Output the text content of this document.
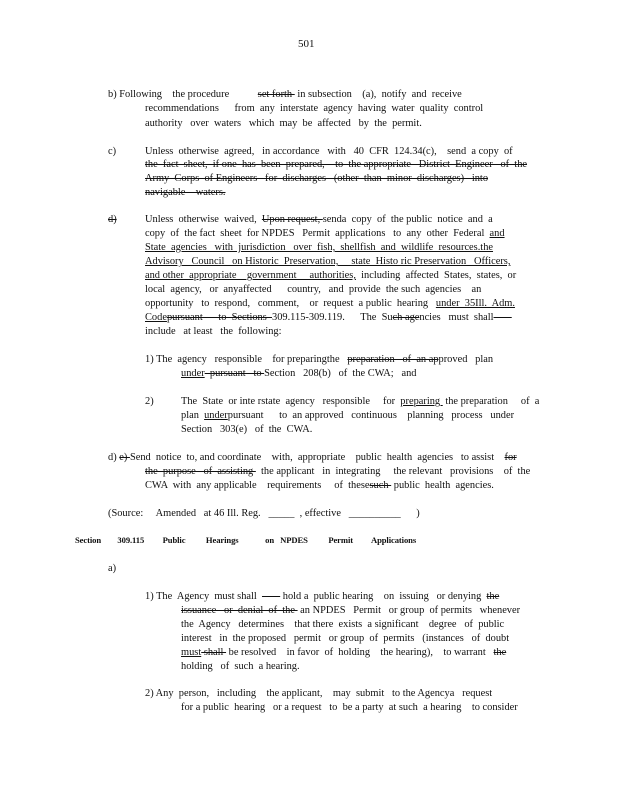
501
b) Following    the procedure	set forth  in subsection    (a),  notify  and  receive
recommendations      from  any  interstate  agency  having  water  quality  control
authority   over  waters   which  may  be  affected   by  the  permit.
c)	Unless  otherwise  agreed,   in accordance   with   40  CFR  124.34(c),    send  a copy  of
the  fact  sheet,  if one  has  been  prepared,    to  the appropriate   District  Engineer   of  the
Army  Corps  of Engineers   for  discharges   (other  than  minor  discharges)   into
navigable    waters.
d)	Unless  otherwise  waived,  Upon request, senda  copy  of  the public  notice  and  a
copy  of  the fact  sheet  for NPDES   Permit  applications   to  any  other  Federal  and
State  agencies   with  jurisdiction   over  fish,  shellfish  and  wildlife  resources.the
Advisory   Council   on Historic  Preservation,     state  Histo ric Preservation   Officers,
and other  appropriate    government     authorities,  including  affected  States,  states,  or
local  agency,   or  anyaffected      country,   and  provide  the such  agencies    an
opportunity   to  respond,   comment,    or  request  a public  hearing   under  35Ill.  Adm.
Codepursuant      to  Sections  309.115-309.119.      The  Such agencies   must  shall
include   at least   the  following:
1) The  agency   responsible    for preparingthe   preparation   of  an approved   plan
under  pursuant   to Section   208(b)   of  the CWA;   and
2)	The  State  or inte rstate  agency   responsible     for  preparing  the preparation     of  a
plan  underpursuant      to  an approved   continuous    planning   process   under
Section   303(e)   of  the  CWA.
d) e) Send  notice  to, and coordinate    with,  appropriate    public  health  agencies   to assist    for
the  purpose   of  assisting   the applicant   in  integrating     the relevant   provisions    of  the
CWA  with  any applicable    requirements     of  thesesuch  public  health  agencies.
(Source:     Amended   at 46 Ill. Reg.   _____  , effective   __________      )
Section        309.115         Public          Hearings             on   NPDES          Permit         Applications
a)
1) The  Agency  must shall          hold a  public hearing    on  issuing   or denying  the
issuance   or  denial  of  the  an NPDES   Permit   or group  of permits   whenever
the  Agency   determines    that there  exists  a significant    degree   of  public
interest   in  the proposed   permit   or group  of  permits   (instances   of  doubt
must shall  be resolved    in favor  of  holding    the hearing),    to warrant   the
holding   of  such  a hearing.
2) Any  person,   including    the applicant,    may  submit   to the Agencya   request
for a public  hearing   or a request   to  be a party  at such  a hearing    to consider
